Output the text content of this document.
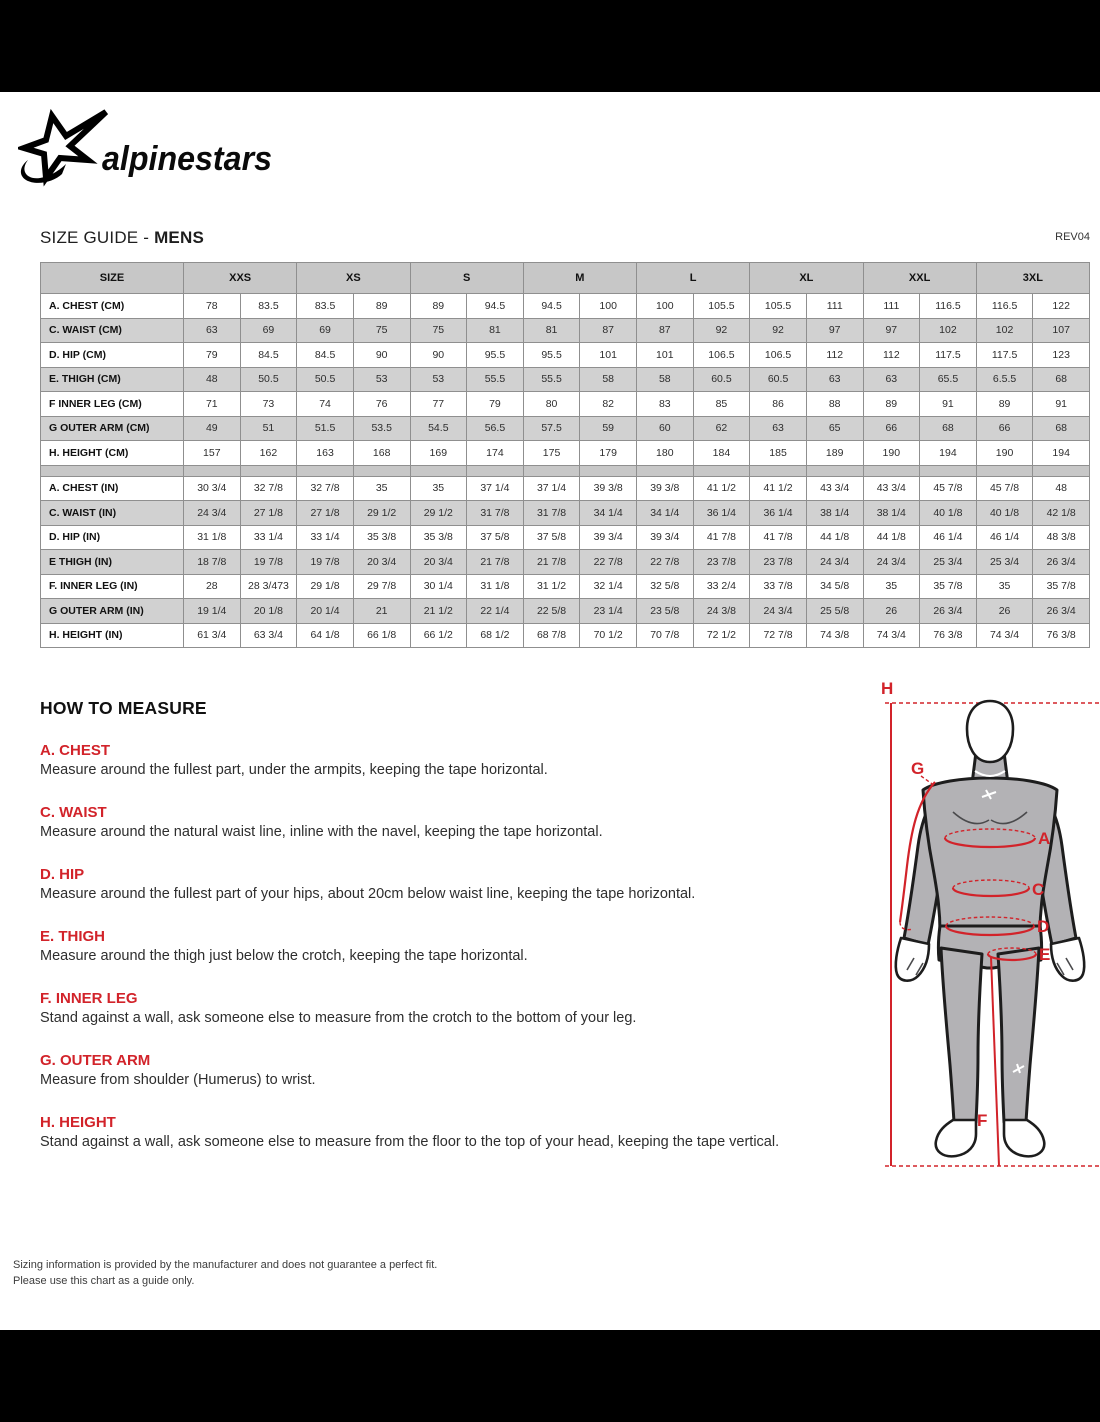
alpinestars
SIZE GUIDE - MENS	REV04
SIZE	XXS		XS		S		M		L		XL		XXL		3XL	
A. CHEST (CM)	78	83.5	83.5	89	89	94.5	94.5	100	100	105.5	105.5	111	111	116.5	116.5	122
C. WAIST (CM)	63	69	69	75	75	81	81	87	87	92	92	97	97	102	102	107
D. HIP (CM)	79	84.5	84.5	90	90	95.5	95.5	101	101	106.5	106.5	112	112	117.5	117.5	123
E. THIGH (CM)	48	50.5	50.5	53	53	55.5	55.5	58	58	60.5	60.5	63	63	65.5	6.5.5	68
F INNER LEG (CM)	71	73	74	76	77	79	80	82	83	85	86	88	89	91	89	91
G OUTER ARM (CM)	49	51	51.5	53.5	54.5	56.5	57.5	59	60	62	63	65	66	68	66	68
H. HEIGHT (CM)	157	162	163	168	169	174	175	179	180	184	185	189	190	194	190	194

A. CHEST (IN)	30 3/4	32 7/8	32 7/8	35	35	37 1/4	37 1/4	39 3/8	39 3/8	41 1/2	41 1/2	43 3/4	43 3/4	45 7/8	45 7/8	48
C. WAIST (IN)	24 3/4	27 1/8	27 1/8	29 1/2	29 1/2	31 7/8	31 7/8	34 1/4	34 1/4	36 1/4	36 1/4	38 1/4	38 1/4	40 1/8	40 1/8	42 1/8
D. HIP (IN)	31 1/8	33 1/4	33 1/4	35 3/8	35 3/8	37 5/8	37 5/8	39 3/4	39 3/4	41 7/8	41 7/8	44 1/8	44 1/8	46 1/4	46 1/4	48 3/8
E THIGH (IN)	18 7/8	19 7/8	19 7/8	20 3/4	20 3/4	21 7/8	21 7/8	22 7/8	22 7/8	23 7/8	23 7/8	24 3/4	24 3/4	25 3/4	25 3/4	26 3/4
F. INNER LEG (IN)	28	28 3/473	29 1/8	29 7/8	30 1/4	31 1/8	31 1/2	32 1/4	32 5/8	33 2/4	33 7/8	34 5/8	35	35 7/8	35	35 7/8
G OUTER ARM (IN)	19 1/4	20 1/8	20 1/4	21	21 1/2	22 1/4	22 5/8	23 1/4	23 5/8	24 3/8	24 3/4	25 5/8	26	26 3/4	26	26 3/4
H. HEIGHT (IN)	61 3/4	63 3/4	64 1/8	66 1/8	66 1/2	68 1/2	68 7/8	70 1/2	70 7/8	72 1/2	72 7/8	74 3/8	74 3/4	76 3/8	74 3/4	76 3/8
HOW TO MEASURE
A. CHEST
Measure around the fullest part, under the armpits, keeping the tape horizontal.
C. WAIST
Measure around the natural waist line, inline with the navel, keeping the tape horizontal.
D. HIP
Measure around the fullest part of your hips, about 20cm below waist line, keeping the tape horizontal.
E. THIGH
Measure around the thigh just below the crotch, keeping the tape horizontal.
F. INNER LEG
Stand against a wall, ask someone else to measure from the crotch to the bottom of your leg.
G. OUTER ARM
Measure from shoulder (Humerus) to wrist.
H. HEIGHT
Stand against a wall, ask someone else to measure from the floor to the top of your head, keeping the tape vertical.
H
A
C
D
E
G
F
Sizing information is provided by the manufacturer and does not guarantee a perfect fit.
Please use this chart as a guide only.
